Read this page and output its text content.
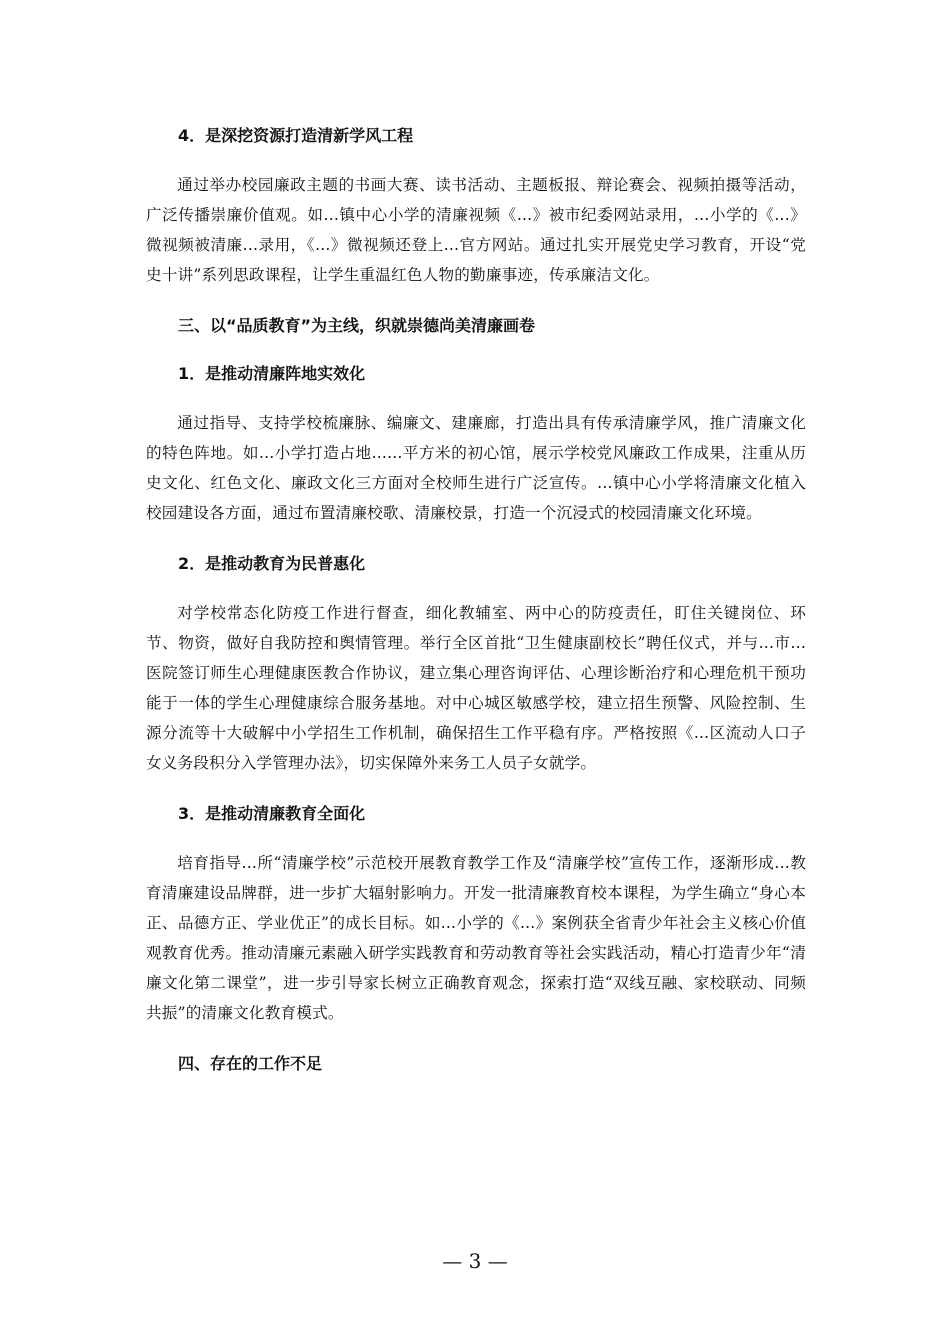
4．是深挖资源打造清新学风工程

通过举办校园廉政主题的书画大赛、读书活动、主题板报、辩论赛会、视频拍摄等活动，广泛传播崇廉价值观。如...镇中心小学的清廉视频《...》被市纪委网站录用，...小学的《...》微视频被清廉...录用，《...》微视频还登上...官方网站。通过扎实开展党史学习教育，开设“党史十讲”系列思政课程，让学生重温红色人物的勤廉事迹，传承廉洁文化。

三、以“品质教育”为主线，织就崇德尚美清廉画卷
1．是推动清廉阵地实效化

通过指导、支持学校梳廉脉、编廉文、建廉廊，打造出具有传承清廉学风，推广清廉文化的特色阵地。如...小学打造占地......平方米的初心馆，展示学校党风廉政工作成果，注重从历史文化、红色文化、廉政文化三方面对全校师生进行广泛宣传。...镇中心小学将清廉文化植入校园建设各方面，通过布置清廉校歌、清廉校景，打造一个沉浸式的校园清廉文化环境。

2．是推动教育为民普惠化

对学校常态化防疫工作进行督查，细化教辅室、两中心的防疫责任，盯住关键岗位、环节、物资，做好自我防控和舆情管理。举行全区首批“卫生健康副校长”聘任仪式，并与...市...医院签订师生心理健康医教合作协议，建立集心理咨询评估、心理诊断治疗和心理危机干预功能于一体的学生心理健康综合服务基地。对中心城区敏感学校，建立招生预警、风险控制、生源分流等十大破解中小学招生工作机制，确保招生工作平稳有序。严格按照《...区流动人口子女义务段积分入学管理办法》，切实保障外来务工人员子女就学。

3．是推动清廉教育全面化

培育指导...所“清廉学校”示范校开展教育教学工作及“清廉学校”宣传工作，逐渐形成...教育清廉建设品牌群，进一步扩大辐射影响力。开发一批清廉教育校本课程，为学生确立“身心本正、品德方正、学业优正”的成长目标。如...小学的《...》案例获全省青少年社会主义核心价值观教育优秀。推动清廉元素融入研学实践教育和劳动教育等社会实践活动，精心打造青少年“清廉文化第二课堂”，进一步引导家长树立正确教育观念，探索打造“双线互融、家校联动、同频共振”的清廉文化教育模式。

四、存在的工作不足
— 3 —
